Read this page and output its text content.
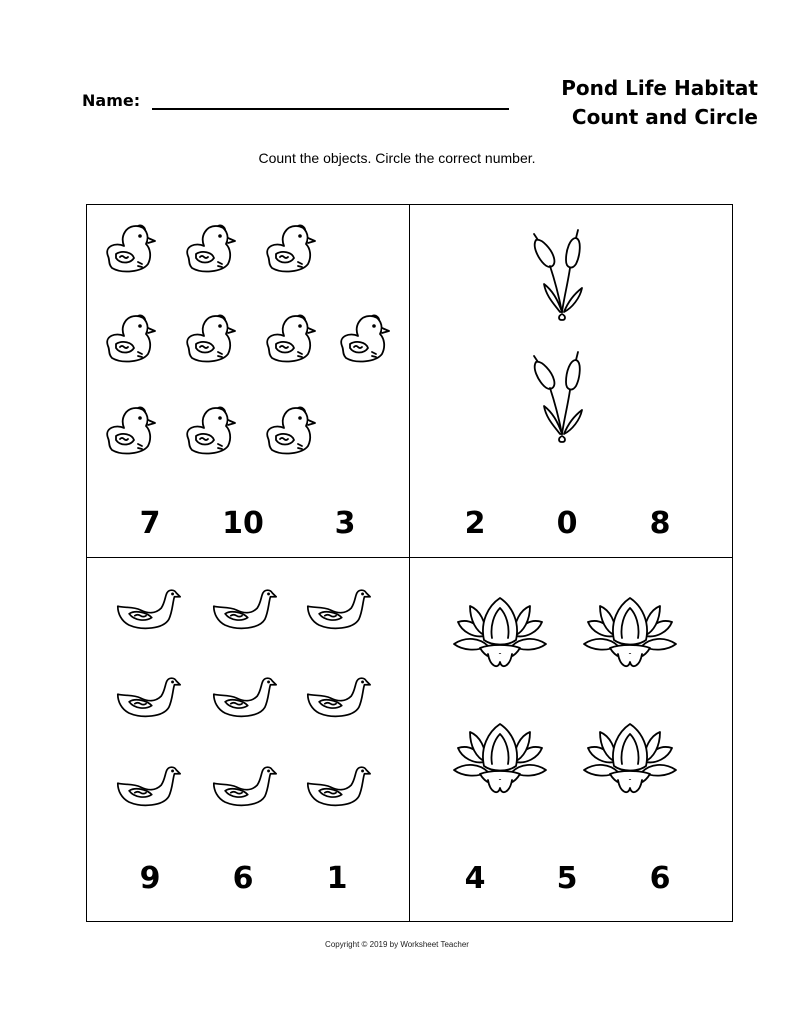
Name:
Pond Life Habitat
Count and Circle
Count the objects. Circle the correct number.
7	10	3	2	0	8
9	6	1	4	5	6
Copyright © 2019 by Worksheet Teacher
